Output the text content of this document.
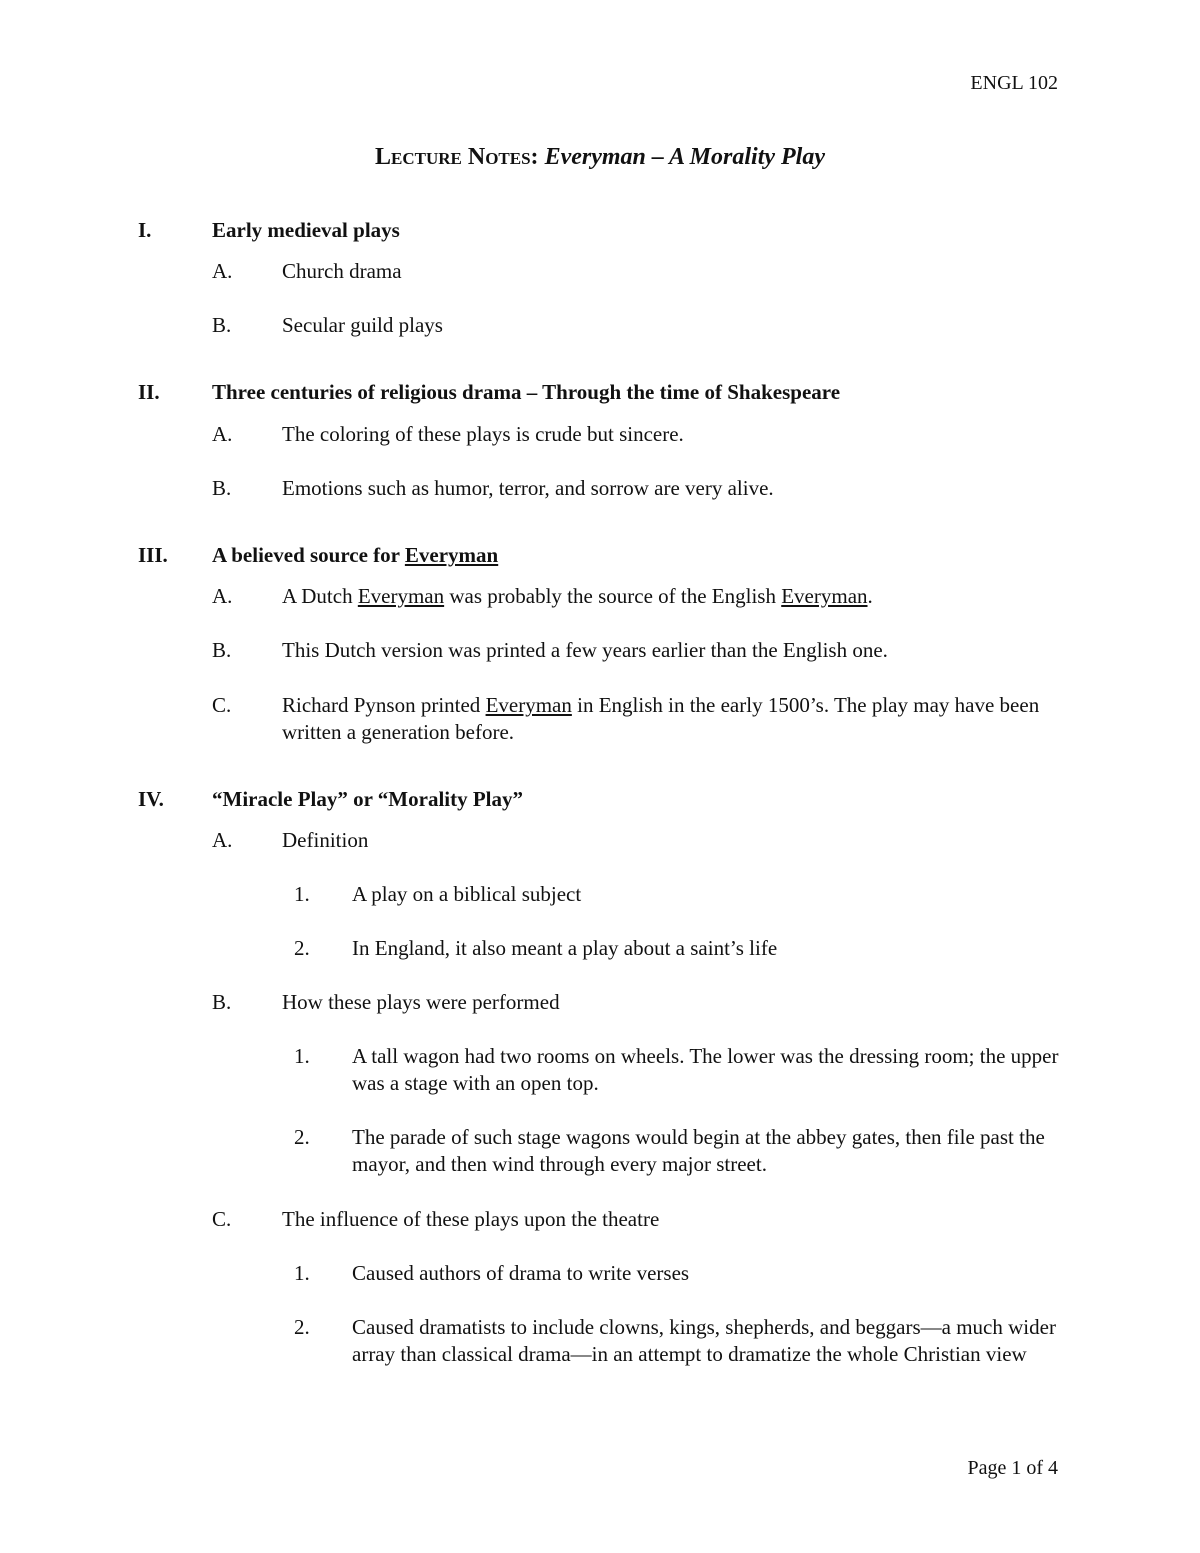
ENGL 102
Lecture Notes: Everyman – A Morality Play
I.	Early medieval plays
A. Church drama
B. Secular guild plays
II. Three centuries of religious drama – Through the time of Shakespeare
A. The coloring of these plays is crude but sincere.
B. Emotions such as humor, terror, and sorrow are very alive.
III. A believed source for Everyman
A. A Dutch Everyman was probably the source of the English Everyman.
B. This Dutch version was printed a few years earlier than the English one.
C. Richard Pynson printed Everyman in English in the early 1500’s. The play may have been written a generation before.
IV. “Miracle Play” or “Morality Play”
A. Definition
1. A play on a biblical subject
2. In England, it also meant a play about a saint’s life
B. How these plays were performed
1. A tall wagon had two rooms on wheels. The lower was the dressing room; the upper was a stage with an open top.
2. The parade of such stage wagons would begin at the abbey gates, then file past the mayor, and then wind through every major street.
C. The influence of these plays upon the theatre
1. Caused authors of drama to write verses
2. Caused dramatists to include clowns, kings, shepherds, and beggars—a much wider array than classical drama—in an attempt to dramatize the whole Christian view
Page 1 of 4
